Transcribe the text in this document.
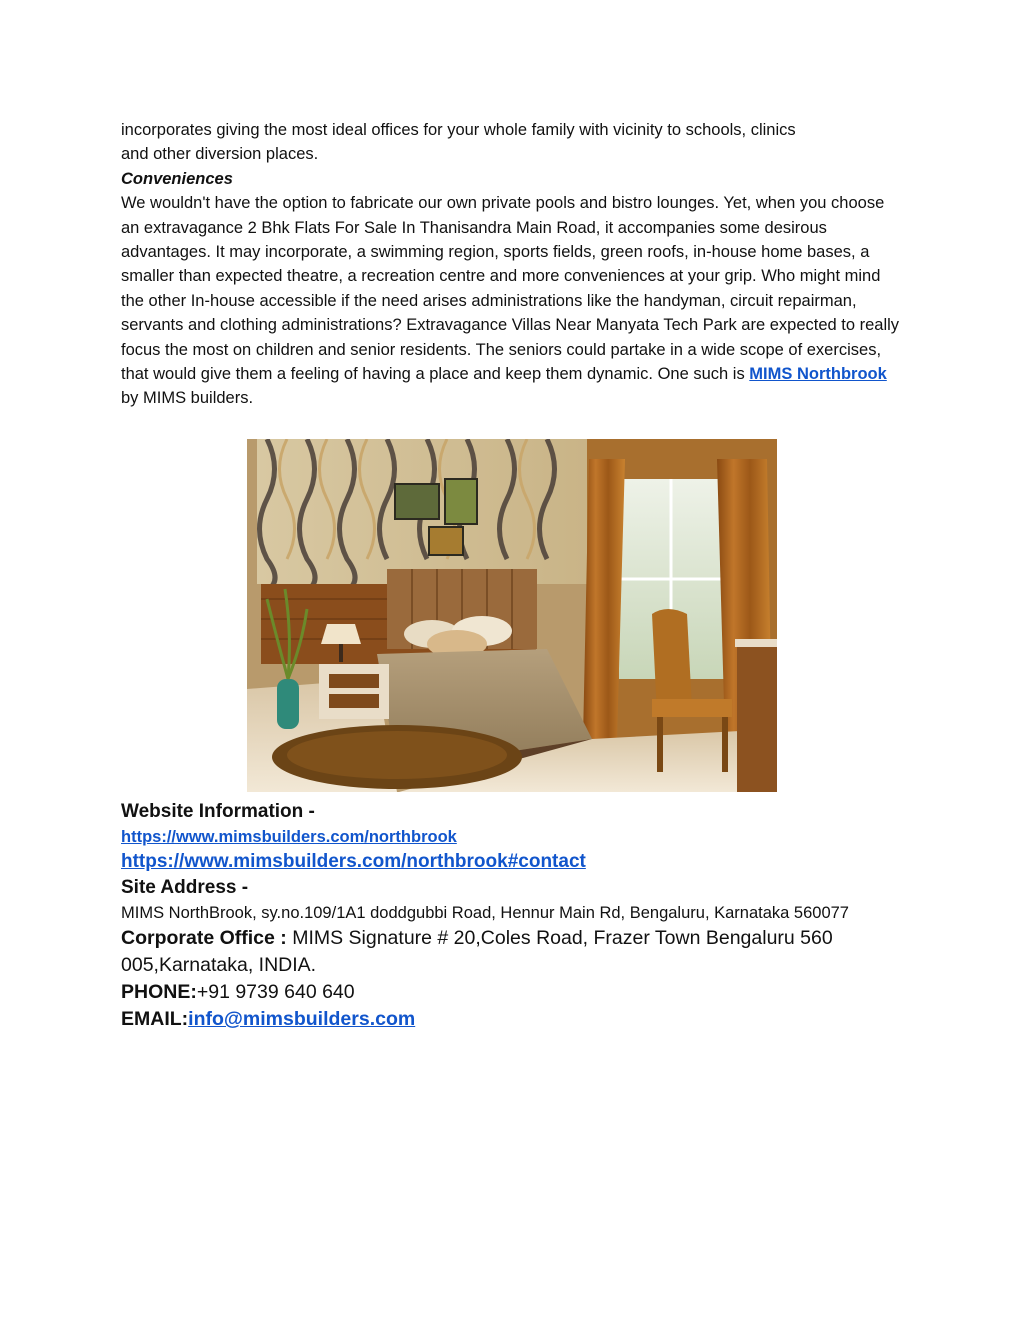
incorporates giving the most ideal offices for your whole family with vicinity to schools, clinics
and other diversion places.

Conveniences

We wouldn't have the option to fabricate our own private pools and bistro lounges. Yet, when you choose an extravagance 2 Bhk Flats For Sale In Thanisandra Main Road, it accompanies some desirous advantages. It may incorporate, a swimming region, sports fields, green roofs, in-house home bases, a smaller than expected theatre, a recreation centre and more conveniences at your grip. Who might mind the other In-house accessible if the need arises administrations like the handyman, circuit repairman, servants and clothing administrations? Extravagance Villas Near Manyata Tech Park are expected to really focus the most on children and senior residents. The seniors could partake in a wide scope of exercises, that would give them a feeling of having a place and keep them dynamic. One such is MIMS Northbrook by MIMS builders.

Website Information -

https://www.mimsbuilders.com/northbrook
https://www.mimsbuilders.com/northbrook#contact

Site Address -

MIMS NorthBrook, sy.no.109/1A1 doddgubbi Road, Hennur Main Rd, Bengaluru, Karnataka 560077

Corporate Office : MIMS Signature # 20,Coles Road, Frazer Town Bengaluru 560 005,Karnataka, INDIA.

PHONE:+91 9739 640 640

EMAIL:info@mimsbuilders.com
